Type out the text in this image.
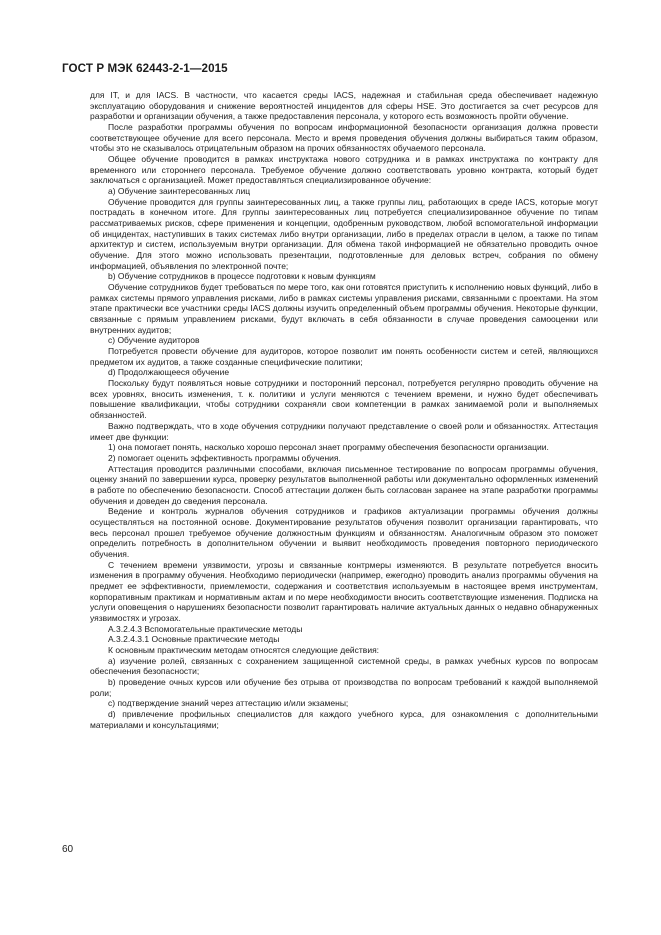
ГОСТ Р МЭК 62443-2-1—2015

для IT, и для IACS. В частности, что касается среды IACS, надежная и стабильная среда обеспечивает надежную эксплуатацию оборудования и снижение вероятностей инцидентов для сферы HSE. Это достигается за счет ресурсов для разработки и организации обучения, а также предоставления персонала, у которого есть возможность пройти обучение.

После разработки программы обучения по вопросам информационной безопасности организация должна провести соответствующее обучение для всего персонала. Место и время проведения обучения должны выбираться таким образом, чтобы это не сказывалось отрицательным образом на прочих обязанностях обучаемого персонала.

Общее обучение проводится в рамках инструктажа нового сотрудника и в рамках инструктажа по контракту для временного или стороннего персонала. Требуемое обучение должно соответствовать уровню контракта, который будет заключаться с организацией. Может предоставляться специализированное обучение:

a) Обучение заинтересованных лиц

Обучение проводится для группы заинтересованных лиц, а также группы лиц, работающих в среде IACS, которые могут пострадать в конечном итоге. Для группы заинтересованных лиц потребуется специализированное обучение по типам рассматриваемых рисков, сфере применения и концепции, одобренным руководством, любой вспомогательной информации об инцидентах, наступивших в таких системах либо внутри организации, либо в пределах отрасли в целом, а также по типам архитектур и систем, используемым внутри организации. Для обмена такой информацией не обязательно проводить очное обучение. Для этого можно использовать презентации, подготовленные для деловых встреч, собрания по обмену информацией, объявления по электронной почте;

b) Обучение сотрудников в процессе подготовки к новым функциям

Обучение сотрудников будет требоваться по мере того, как они готовятся приступить к исполнению новых функций, либо в рамках системы прямого управления рисками, либо в рамках системы управления рисками, связанными с проектами. На этом этапе практически все участники среды IACS должны изучить определенный объем программы обучения. Некоторые функции, связанные с прямым управлением рисками, будут включать в себя обязанности в случае проведения самооценки или внутренних аудитов;

c) Обучение аудиторов

Потребуется провести обучение для аудиторов, которое позволит им понять особенности систем и сетей, являющихся предметом их аудитов, а также созданные специфические политики;

d) Продолжающееся обучение

Поскольку будут появляться новые сотрудники и посторонний персонал, потребуется регулярно проводить обучение на всех уровнях, вносить изменения, т. к. политики и услуги меняются с течением времени, и нужно будет обеспечивать повышение квалификации, чтобы сотрудники сохраняли свои компетенции в рамках занимаемой роли и выполняемых обязанностей.

Важно подтверждать, что в ходе обучения сотрудники получают представление о своей роли и обязанностях. Аттестация имеет две функции:

1) она помогает понять, насколько хорошо персонал знает программу обеспечения безопасности организации.

2) помогает оценить эффективность программы обучения.

Аттестация проводится различными способами, включая письменное тестирование по вопросам программы обучения, оценку знаний по завершении курса, проверку результатов выполненной работы или документально оформленных изменений в работе по обеспечению безопасности. Способ аттестации должен быть согласован заранее на этапе разработки программы обучения и доведен до сведения персонала.

Ведение и контроль журналов обучения сотрудников и графиков актуализации программы обучения должны осуществляться на постоянной основе. Документирование результатов обучения позволит организации гарантировать, что весь персонал прошел требуемое обучение должностным функциям и обязанностям. Аналогичным образом это поможет определить потребность в дополнительном обучении и выявит необходимость проведения повторного периодического обучения.

С течением времени уязвимости, угрозы и связанные контрмеры изменяются. В результате потребуется вносить изменения в программу обучения. Необходимо периодически (например, ежегодно) проводить анализ программы обучения на предмет ее эффективности, приемлемости, содержания и соответствия используемым в настоящее время инструментам, корпоративным практикам и нормативным актам и по мере необходимости вносить соответствующие изменения. Подписка на услуги оповещения о нарушениях безопасности позволит гарантировать наличие актуальных данных о недавно обнаруженных уязвимостях и угрозах.

А.3.2.4.3 Вспомогательные практические методы

А.3.2.4.3.1 Основные практические методы

К основным практическим методам относятся следующие действия:

a) изучение ролей, связанных с сохранением защищенной системной среды, в рамках учебных курсов по вопросам обеспечения безопасности;

b) проведение очных курсов или обучение без отрыва от производства по вопросам требований к каждой выполняемой роли;

c) подтверждение знаний через аттестацию и/или экзамены;

d) привлечение профильных специалистов для каждого учебного курса, для ознакомления с дополнительными материалами и консультациями;

60
